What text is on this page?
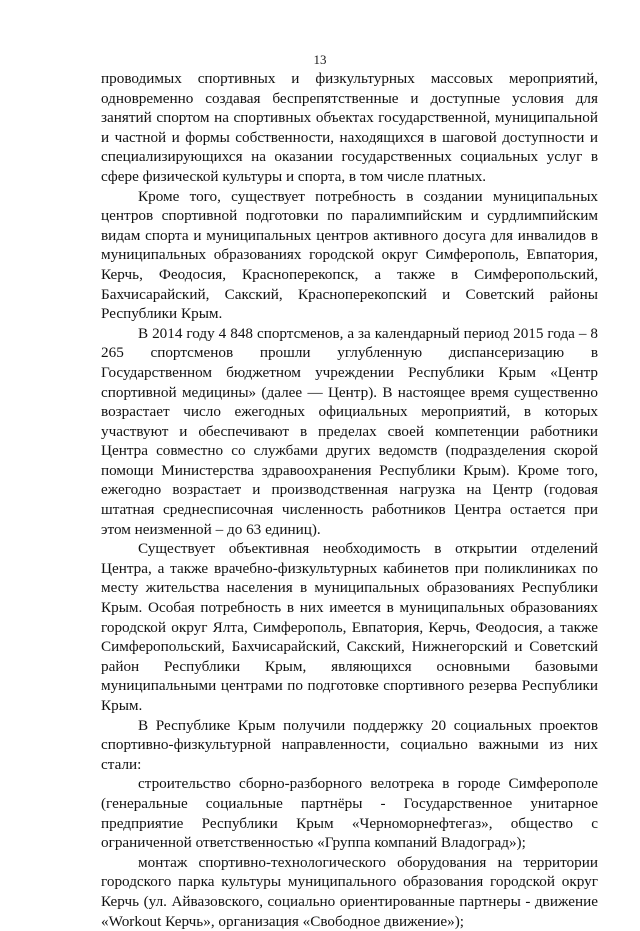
13

проводимых спортивных и физкультурных массовых мероприятий, одновременно создавая беспрепятственные и доступные условия для занятий спортом на спортивных объектах государственной, муниципальной и частной и формы собственности, находящихся в шаговой доступности и специализирующихся на оказании государственных социальных услуг в сфере физической культуры и спорта, в том числе платных.

Кроме того, существует потребность в создании муниципальных центров спортивной подготовки по паралимпийским и сурдлимпийским видам спорта и муниципальных центров активного досуга для инвалидов в муниципальных образованиях городской округ Симферополь, Евпатория, Керчь, Феодосия, Красноперекопск, а также в Симферопольский, Бахчисарайский, Сакский, Красноперекопский и Советский районы Республики Крым.

В 2014 году 4 848 спортсменов, а за календарный период 2015 года – 8 265 спортсменов прошли углубленную диспансеризацию в Государственном бюджетном учреждении Республики Крым «Центр спортивной медицины» (далее — Центр). В настоящее время существенно возрастает число ежегодных официальных мероприятий, в которых участвуют и обеспечивают в пределах своей компетенции работники Центра совместно со службами других ведомств (подразделения скорой помощи Министерства здравоохранения Республики Крым). Кроме того, ежегодно возрастает и производственная нагрузка на Центр (годовая штатная среднесписочная численность работников Центра остается при этом неизменной – до 63 единиц).

Существует объективная необходимость в открытии отделений Центра, а также врачебно-физкультурных кабинетов при поликлиниках по месту жительства населения в муниципальных образованиях Республики Крым. Особая потребность в них имеется в муниципальных образованиях городской округ Ялта, Симферополь, Евпатория, Керчь, Феодосия, а также Симферопольский, Бахчисарайский, Сакский, Нижнегорский и Советский район Республики Крым, являющихся основными базовыми муниципальными центрами по подготовке спортивного резерва Республики Крым.

В Республике Крым получили поддержку 20 социальных проектов спортивно-физкультурной направленности, социально важными из них стали:

строительство сборно-разборного велотрека в городе Симферополе (генеральные социальные партнёры - Государственное унитарное предприятие Республики Крым «Черноморнефтегаз», общество с ограниченной ответственностью «Группа компаний Владоград»);

монтаж спортивно-технологического оборудования на территории городского парка культуры муниципального образования городской округ Керчь (ул. Айвазовского, социально ориентированные партнеры - движение «Workout Керчь», организация «Свободное движение»);
